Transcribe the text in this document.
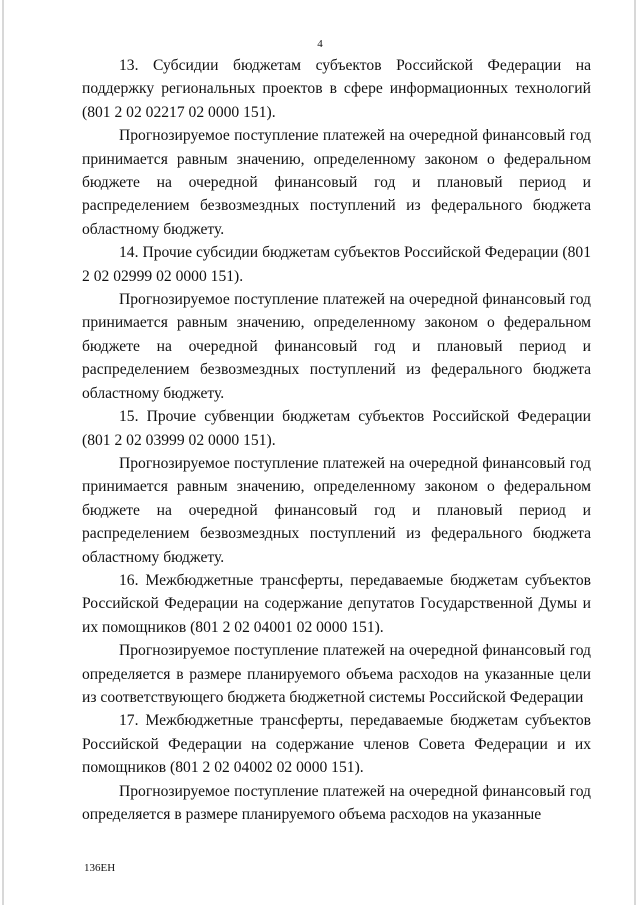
4

13. Субсидии бюджетам субъектов Российской Федерации на поддержку региональных проектов в сфере информационных технологий (801 2 02 02217 02 0000 151).

Прогнозируемое поступление платежей на очередной финансовый год принимается равным значению, определенному законом о федеральном бюджете на очередной финансовый год и плановый период и распределением безвозмездных поступлений из федерального бюджета областному бюджету.

14. Прочие субсидии бюджетам субъектов Российской Федерации (801 2 02 02999 02 0000 151).

Прогнозируемое поступление платежей на очередной финансовый год принимается равным значению, определенному законом о федеральном бюджете на очередной финансовый год и плановый период и распределением безвозмездных поступлений из федерального бюджета областному бюджету.

15. Прочие субвенции бюджетам субъектов Российской Федерации (801 2 02 03999 02 0000 151).

Прогнозируемое поступление платежей на очередной финансовый год принимается равным значению, определенному законом о федеральном бюджете на очередной финансовый год и плановый период и распределением безвозмездных поступлений из федерального бюджета областному бюджету.

16. Межбюджетные трансферты, передаваемые бюджетам субъектов Российской Федерации на содержание депутатов Государственной Думы и их помощников (801 2 02 04001 02 0000 151).

Прогнозируемое поступление платежей на очередной финансовый год определяется в размере планируемого объема расходов на указанные цели из соответствующего бюджета бюджетной системы Российской Федерации

17. Межбюджетные трансферты, передаваемые бюджетам субъектов Российской Федерации на содержание членов Совета Федерации и их помощников (801 2 02 04002 02 0000 151).

Прогнозируемое поступление платежей на очередной финансовый год определяется в размере планируемого объема расходов на указанные

136EH
